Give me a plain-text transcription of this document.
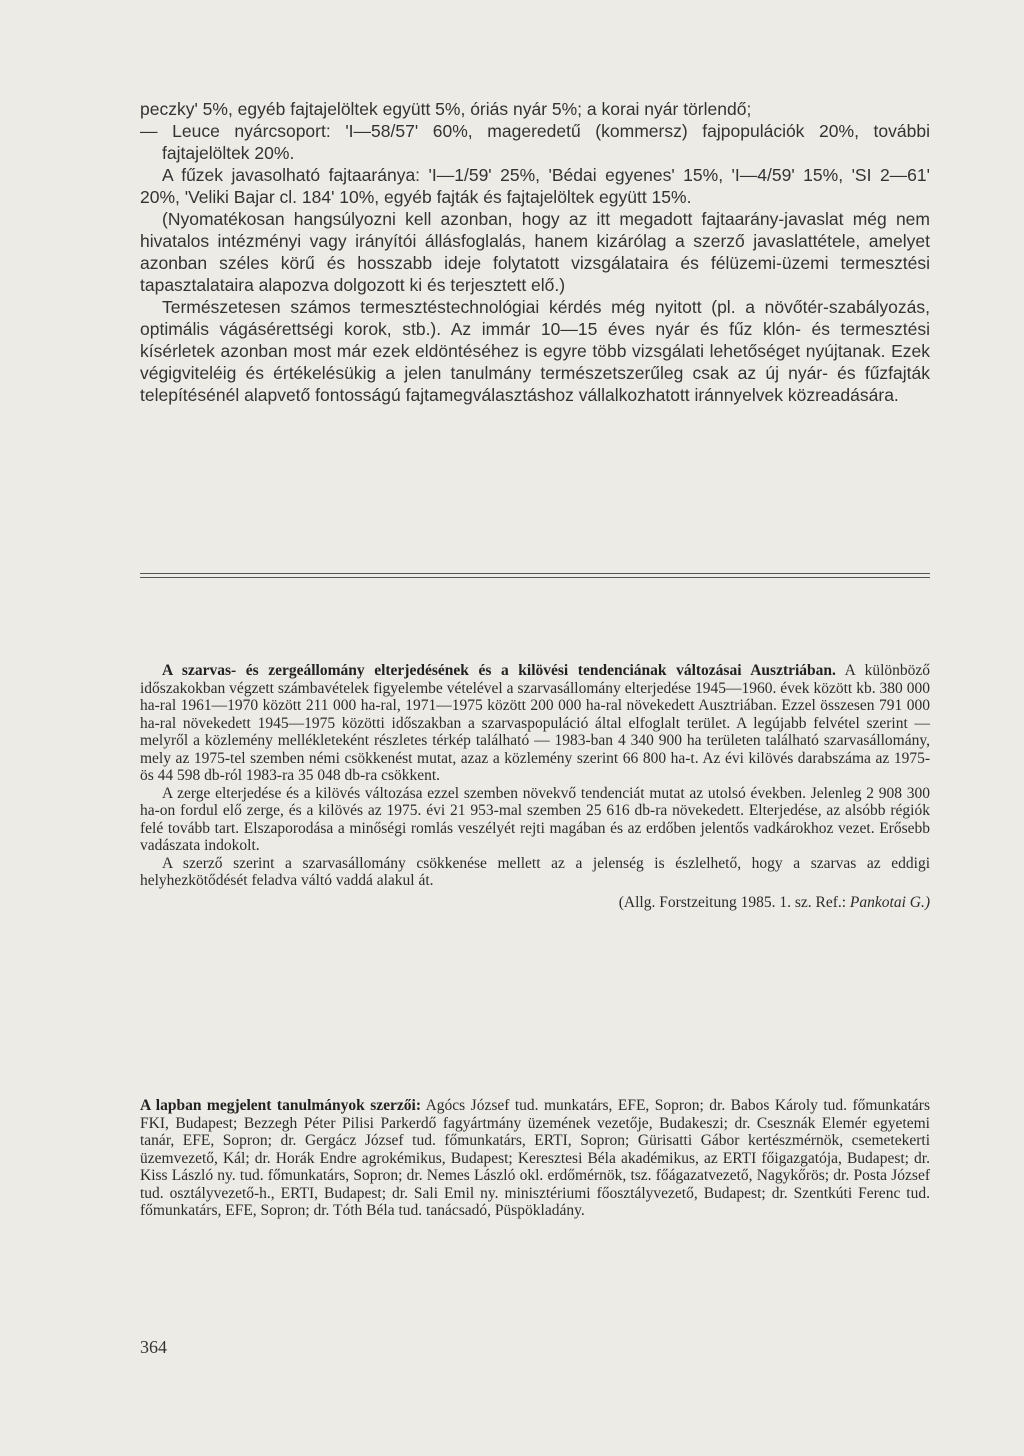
peczky' 5%, egyéb fajtajelöltek együtt 5%, óriás nyár 5%; a korai nyár törlendő;

— Leuce nyárcsoport: 'I—58/57' 60%, mageredetű (kommersz) fajpopulációk 20%, további fajtajelöltek 20%.

A fűzek javasolható fajtaaránya: 'I—1/59' 25%, 'Bédai egyenes' 15%, 'I—4/59' 15%, 'SI 2—61' 20%, 'Veliki Bajar cl. 184' 10%, egyéb fajták és fajtajelöltek együtt 15%.

(Nyomatékosan hangsúlyozni kell azonban, hogy az itt megadott fajtaarány-javaslat még nem hivatalos intézményi vagy irányítói állásfoglalás, hanem kizárólag a szerző javaslattétele, amelyet azonban széles körű és hosszabb ideje folytatott vizsgálataira és félüzemi-üzemi termesztési tapasztalataira alapozva dolgozott ki és terjesztett elő.)

Természetesen számos termesztéstechnológiai kérdés még nyitott (pl. a növőtér-szabályozás, optimális vágásérettségi korok, stb.). Az immár 10—15 éves nyár és fűz klón- és termesztési kísérletek azonban most már ezek eldöntéséhez is egyre több vizsgálati lehetőséget nyújtanak. Ezek végigviteléig és értékelésükig a jelen tanulmány természetszerűleg csak az új nyár- és fűzfajták telepítésénél alapvető fontosságú fajtamegválasztáshoz vállalkozhatott iránnyelvek közreadására.

A szarvas- és zergeállomány elterjedésének és a kilövési tendenciának változásai Ausztriában. A különböző időszakokban végzett számbavételek figyelembe vételével a szarvasállomány elterjedése 1945—1960. évek között kb. 380 000 ha-ral 1961—1970 között 211 000 ha-ral, 1971—1975 között 200 000 ha-ral növekedett Ausztriában. Ezzel összesen 791 000 ha-ral növekedett 1945—1975 közötti időszakban a szarvaspopuláció által elfoglalt terület. A legújabb felvétel szerint — melyről a közlemény mellékleteként részletes térkép található — 1983-ban 4 340 900 ha területen található szarvasállomány, mely az 1975-tel szemben némi csökkenést mutat, azaz a közlemény szerint 66 800 ha-t. Az évi kilövés darabszáma az 1975-ös 44 598 db-ról 1983-ra 35 048 db-ra csökkent.

A zerge elterjedése és a kilövés változása ezzel szemben növekvő tendenciát mutat az utolsó években. Jelenleg 2 908 300 ha-on fordul elő zerge, és a kilövés az 1975. évi 21 953-mal szemben 25 616 db-ra növekedett. Elterjedése, az alsóbb régiók felé tovább tart. Elszaporodása a minőségi romlás veszélyét rejti magában és az erdőben jelentős vadkárokhoz vezet. Erősebb vadászata indokolt.

A szerző szerint a szarvasállomány csökkenése mellett az a jelenség is észlelhető, hogy a szarvas az eddigi helyhezkötődését feladva váltó vaddá alakul át.

(Allg. Forstzeitung 1985. 1. sz. Ref.: Pankotai G.)

A lapban megjelent tanulmányok szerzői: Agócs József tud. munkatárs, EFE, Sopron; dr. Babos Károly tud. főmunkatárs FKI, Budapest; Bezzegh Péter Pilisi Parkerdő fagyártmány üzemének vezetője, Budakeszi; dr. Csesznák Elemér egyetemi tanár, EFE, Sopron; dr. Gergácz József tud. főmunkatárs, ERTI, Sopron; Gürisatti Gábor kertészmérnök, csemetekerti üzemvezető, Kál; dr. Horák Endre agrokémikus, Budapest; Keresztesi Béla akadémikus, az ERTI főigazgatója, Budapest; dr. Kiss László ny. tud. főmunkatárs, Sopron; dr. Nemes László okl. erdőmérnök, tsz. főágazatvezető, Nagykőrös; dr. Posta József tud. osztályvezető-h., ERTI, Budapest; dr. Sali Emil ny. minisztériumi főosztályvezető, Budapest; dr. Szentkúti Ferenc tud. főmunkatárs, EFE, Sopron; dr. Tóth Béla tud. tanácsadó, Püspökladány.

364
